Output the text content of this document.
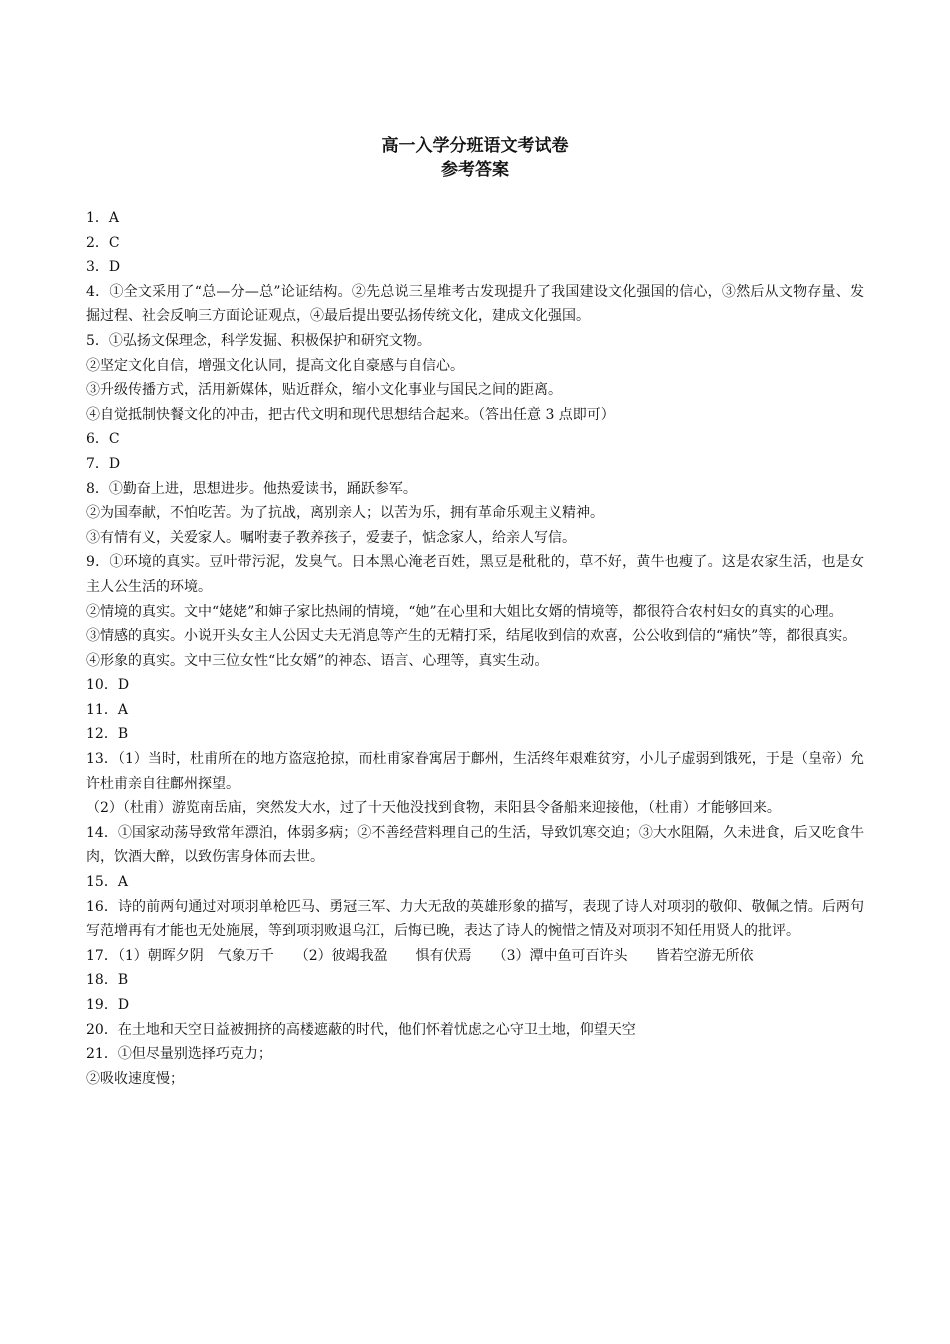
高一入学分班语文考试卷

参考答案

1．A

2．C

3．D

4．①全文采用了“总—分—总”论证结构。②先总说三星堆考古发现提升了我国建设文化强国的信心，③然后从文物存量、发掘过程、社会反响三方面论证观点，④最后提出要弘扬传统文化，建成文化强国。

5．①弘扬文保理念，科学发掘、积极保护和研究文物。

②坚定文化自信，增强文化认同，提高文化自豪感与自信心。

③升级传播方式，活用新媒体，贴近群众，缩小文化事业与国民之间的距离。

④自觉抵制快餐文化的冲击，把古代文明和现代思想结合起来。（答出任意 3 点即可）

6．C

7．D

8．①勤奋上进，思想进步。他热爱读书，踊跃参军。

②为国奉献，不怕吃苦。为了抗战，离别亲人；以苦为乐，拥有革命乐观主义精神。

③有情有义，关爱家人。嘱咐妻子教养孩子，爱妻子，惦念家人，给亲人写信。

9．①环境的真实。豆叶带污泥，发臭气。日本黑心淹老百姓，黑豆是秕秕的，草不好，黄牛也瘦了。这是农家生活，也是女主人公生活的环境。

②情境的真实。文中“姥姥”和婶子家比热闹的情境，“她”在心里和大姐比女婿的情境等，都很符合农村妇女的真实的心理。

③情感的真实。小说开头女主人公因丈夫无消息等产生的无精打采，结尾收到信的欢喜，公公收到信的“痛快”等，都很真实。

④形象的真实。文中三位女性“比女婿”的神态、语言、心理等，真实生动。

10．D

11．A

12．B

13．（1）当时，杜甫所在的地方盗寇抢掠，而杜甫家眷寓居于鄜州，生活终年艰难贫穷，小儿子虚弱到饿死，于是（皇帝）允许杜甫亲自往鄜州探望。

（2）（杜甫）游览南岳庙，突然发大水，过了十天他没找到食物，耒阳县令备船来迎接他，（杜甫）才能够回来。

14．①国家动荡导致常年漂泊，体弱多病；②不善经营料理自己的生活，导致饥寒交迫；③大水阻隔，久未进食，后又吃食牛肉，饮酒大醉，以致伤害身体而去世。

15．A

16．诗的前两句通过对项羽单枪匹马、勇冠三军、力大无敌的英雄形象的描写，表现了诗人对项羽的敬仰、敬佩之情。后两句写范增再有才能也无处施展，等到项羽败退乌江，后悔已晚，表达了诗人的惋惜之情及对项羽不知任用贤人的批评。

17．（1）朝晖夕阴　气象万千　　（2）彼竭我盈　　惧有伏焉　　（3）潭中鱼可百许头　　皆若空游无所依

18．B

19．D

20．在土地和天空日益被拥挤的高楼遮蔽的时代，他们怀着忧虑之心守卫土地，仰望天空

21．①但尽量别选择巧克力；

②吸收速度慢；
